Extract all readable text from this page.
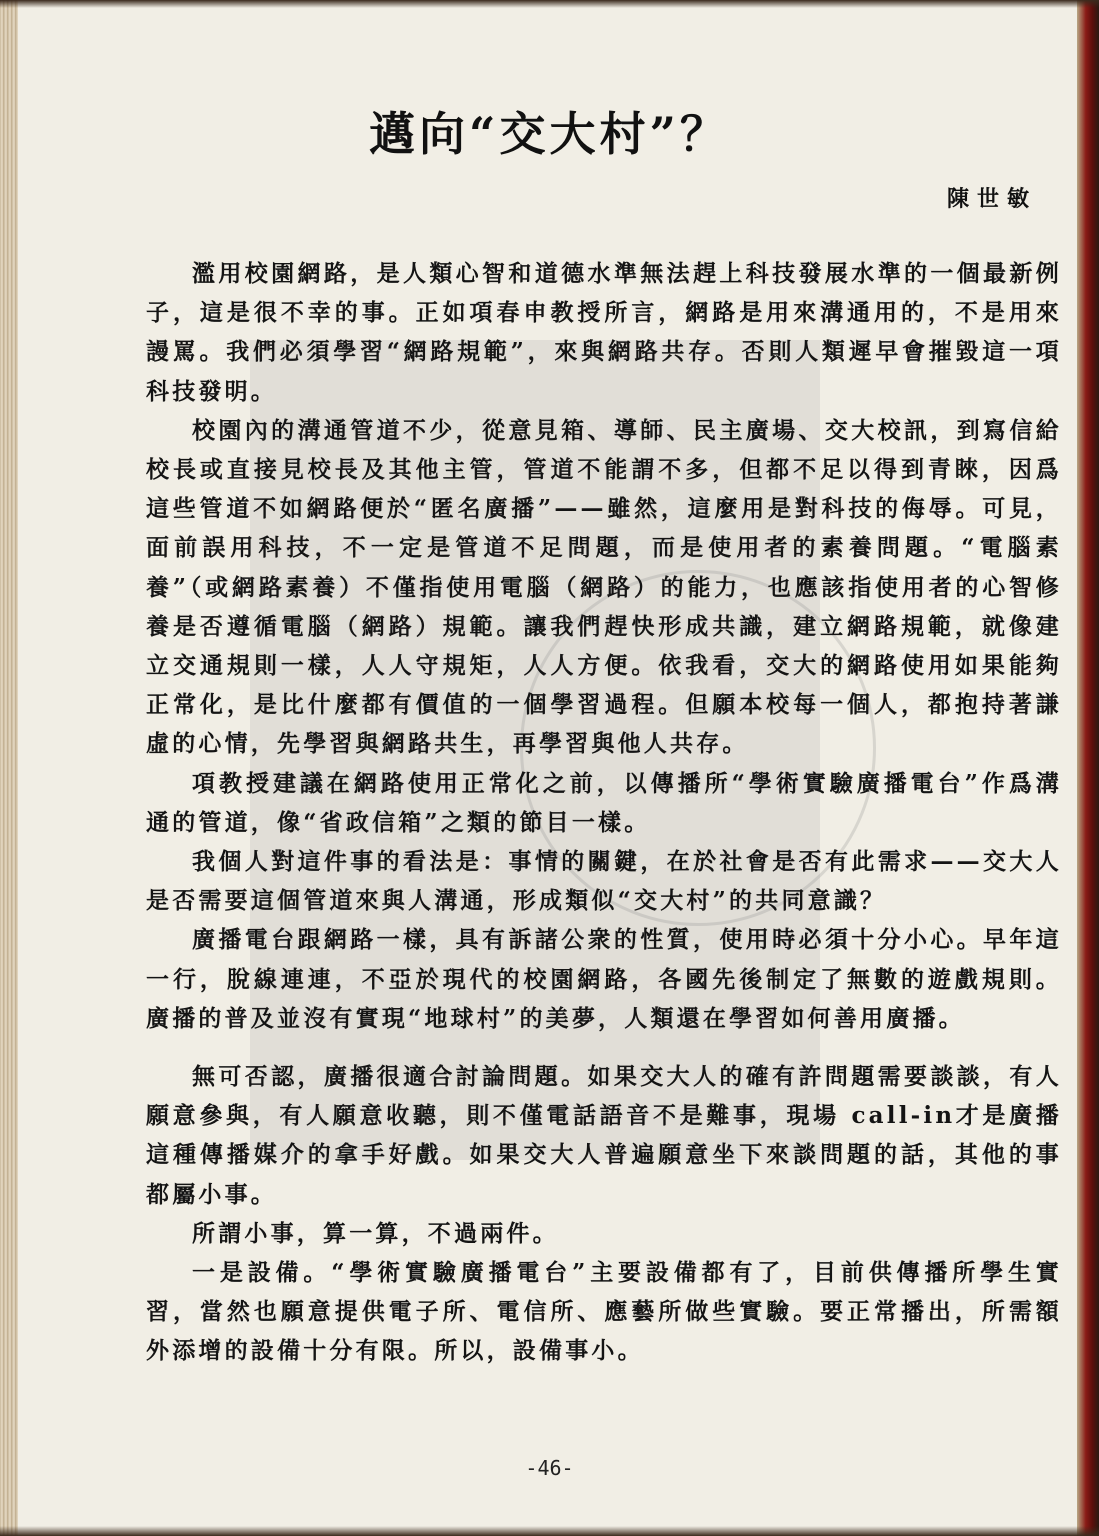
邁向“交大村”？

陳世敏

濫用校園網路，是人類心智和道德水準無法趕上科技發展水準的一個最新例子，這是很不幸的事。正如項春申教授所言，網路是用來溝通用的，不是用來謾罵。我們必須學習“網路規範”，來與網路共存。否則人類遲早會摧毀這一項科技發明。

校園內的溝通管道不少，從意見箱、導師、民主廣場、交大校訊，到寫信給校長或直接見校長及其他主管，管道不能謂不多，但都不足以得到青睞，因爲這些管道不如網路便於“匿名廣播”——雖然，這麼用是對科技的侮辱。可見，面前誤用科技，不一定是管道不足問題，而是使用者的素養問題。“電腦素養”（或網路素養）不僅指使用電腦（網路）的能力，也應該指使用者的心智修養是否遵循電腦（網路）規範。讓我們趕快形成共識，建立網路規範，就像建立交通規則一樣，人人守規矩，人人方便。依我看，交大的網路使用如果能夠正常化，是比什麼都有價值的一個學習過程。但願本校每一個人，都抱持著謙虛的心情，先學習與網路共生，再學習與他人共存。

項教授建議在網路使用正常化之前，以傳播所“學術實驗廣播電台”作爲溝通的管道，像“省政信箱”之類的節目一樣。

我個人對這件事的看法是：事情的關鍵，在於社會是否有此需求——交大人是否需要這個管道來與人溝通，形成類似“交大村”的共同意識？

廣播電台跟網路一樣，具有訴諸公衆的性質，使用時必須十分小心。早年這一行，脫線連連，不亞於現代的校園網路，各國先後制定了無數的遊戲規則。廣播的普及並沒有實現“地球村”的美夢，人類還在學習如何善用廣播。

無可否認，廣播很適合討論問題。如果交大人的確有許問題需要談談，有人願意參與，有人願意收聽，則不僅電話語音不是難事，現場 call-in才是廣播這種傳播媒介的拿手好戲。如果交大人普遍願意坐下來談問題的話，其他的事都屬小事。

所謂小事，算一算，不過兩件。

一是設備。“學術實驗廣播電台”主要設備都有了，目前供傳播所學生實習，當然也願意提供電子所、電信所、應藝所做些實驗。要正常播出，所需額外添增的設備十分有限。所以，設備事小。

-46-
